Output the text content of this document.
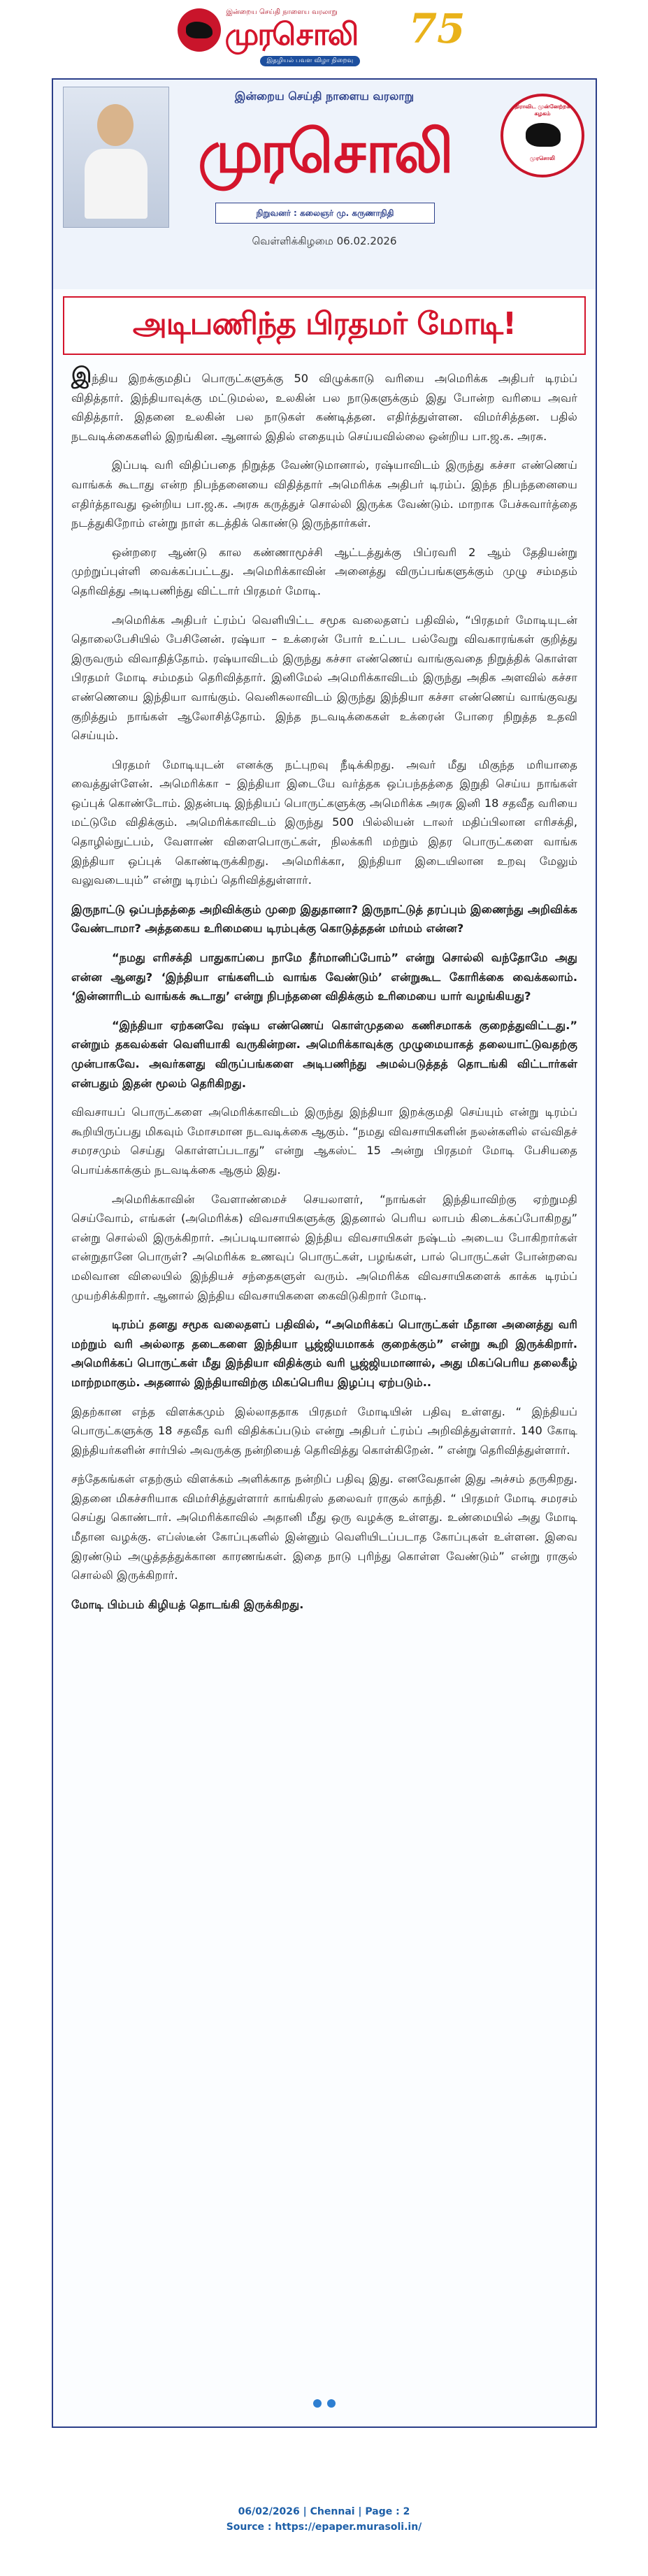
இன்றைய செய்தி நாளைய வரலாறு
முரசொலி 75
இதழியல் பவள விழா நிறைவு
இன்றைய செய்தி நாளைய வரலாறு
முரசொலி
நிறுவனர் : கலைஞர் மு. கருணாநிதி
திராவிட முன்னேற்றக் கழகம்
முரசொலி
வெள்ளிக்கிழமை 06.02.2026
அடிபணிந்த பிரதமர் மோடி!

இந்திய இறக்குமதிப் பொருட்களுக்கு 50 விழுக்காடு வரியை அமெரிக்க அதிபர் டிரம்ப் விதித்தார். இந்தியாவுக்கு மட்டுமல்ல, உலகின் பல நாடுகளுக்கும் இது போன்ற வரியை அவர் விதித்தார். இதனை உலகின் பல நாடுகள் கண்டித்தன. எதிர்த்துள்ளன. விமர்சித்தன. பதில் நடவடிக்கைகளில் இறங்கின. ஆனால் இதில் எதையும் செய்யவில்லை ஒன்றிய பா.ஜ.க. அரசு.

இப்படி வரி விதிப்பதை நிறுத்த வேண்டுமானால், ரஷ்யாவிடம் இருந்து கச்சா எண்ணெய் வாங்கக் கூடாது என்ற நிபந்தனையை விதித்தார் அமெரிக்க அதிபர் டிரம்ப். இந்த நிபந்தனையை எதிர்த்தாவது ஒன்றிய பா.ஜ.க. அரசு கருத்துச் சொல்லி இருக்க வேண்டும். மாறாக பேச்சுவார்த்தை நடத்துகிறோம் என்று நாள் கடத்திக் கொண்டு இருந்தார்கள்.

ஒன்றரை ஆண்டு கால கண்ணாமூச்சி ஆட்டத்துக்கு பிப்ரவரி 2 ஆம் தேதியன்று முற்றுப்புள்ளி வைக்கப்பட்டது. அமெரிக்காவின் அனைத்து விருப்பங்களுக்கும் முழு சம்மதம் தெரிவித்து அடிபணிந்து விட்டார் பிரதமர் மோடி.

அமெரிக்க அதிபர் ட்ரம்ப் வெளியிட்ட சமூக வலைதளப் பதிவில், “பிரதமர் மோடியுடன் தொலைபேசியில் பேசினேன். ரஷ்யா – உக்ரைன் போர் உட்பட பல்வேறு விவகாரங்கள் குறித்து இருவரும் விவாதித்தோம். ரஷ்யாவிடம் இருந்து கச்சா எண்ணெய் வாங்குவதை நிறுத்திக் கொள்ள பிரதமர் மோடி சம்மதம் தெரிவித்தார். இனிமேல் அமெரிக்காவிடம் இருந்து அதிக அளவில் கச்சா எண்ணெயை இந்தியா வாங்கும். வெனிசுலாவிடம் இருந்து இந்தியா கச்சா எண்ணெய் வாங்குவது குறித்தும் நாங்கள் ஆலோசித்தோம். இந்த நடவடிக்கைகள் உக்ரைன் போரை நிறுத்த உதவி செய்யும்.

பிரதமர் மோடியுடன் எனக்கு நட்புறவு நீடிக்கிறது. அவர் மீது மிகுந்த மரியாதை வைத்துள்ளேன். அமெரிக்கா – இந்தியா இடையே வர்த்தக ஒப்பந்தத்தை இறுதி செய்ய நாங்கள் ஒப்புக் கொண்டோம். இதன்படி இந்தியப் பொருட்களுக்கு அமெரிக்க அரசு இனி 18 சதவீத வரியை மட்டுமே விதிக்கும். அமெரிக்காவிடம் இருந்து 500 பில்லியன் டாலர் மதிப்பிலான எரிசக்தி, தொழில்நுட்பம், வேளாண் விளைபொருட்கள், நிலக்கரி மற்றும் இதர பொருட்களை வாங்க இந்தியா ஒப்புக் கொண்டிருக்கிறது. அமெரிக்கா, இந்தியா இடையிலான உறவு மேலும் வலுவடையும்” என்று டிரம்ப் தெரிவித்துள்ளார்.

இருநாட்டு ஒப்பந்தத்தை அறிவிக்கும் முறை இதுதானா? இருநாட்டுத் தரப்பும் இணைந்து அறிவிக்க வேண்டாமா? அத்தகைய உரிமையை டிரம்புக்கு கொடுத்ததன் மர்மம் என்ன?

“நமது எரிசக்தி பாதுகாப்பை நாமே தீர்மானிப்போம்” என்று சொல்லி வந்தோமே அது என்ன ஆனது? ‘இந்தியா எங்களிடம் வாங்க வேண்டும்’ என்றுகூட கோரிக்கை வைக்கலாம். ‘இன்னாரிடம் வாங்கக் கூடாது’ என்று நிபந்தனை விதிக்கும் உரிமையை யார் வழங்கியது?

“இந்தியா ஏற்கனவே ரஷ்ய எண்ணெய் கொள்முதலை கணிசமாகக் குறைத்துவிட்டது.” என்றும் தகவல்கள் வெளியாகி வருகின்றன. அமெரிக்காவுக்கு முழுமையாகத் தலையாட்டுவதற்கு முன்பாகவே. அவர்களது விருப்பங்களை அடிபணிந்து அமல்படுத்தத் தொடங்கி விட்டார்கள் என்பதும் இதன் மூலம் தெரிகிறது.

விவசாயப் பொருட்களை அமெரிக்காவிடம் இருந்து இந்தியா இறக்குமதி செய்யும் என்று டிரம்ப் கூறியிருப்பது மிகவும் மோசமான நடவடிக்கை ஆகும். “நமது விவசாயிகளின் நலன்களில் எவ்விதச் சமரசமும் செய்து கொள்ளப்படாது” என்று ஆகஸ்ட் 15 அன்று பிரதமர் மோடி பேசியதை பொய்க்காக்கும் நடவடிக்கை ஆகும் இது.

அமெரிக்காவின் வேளாண்மைச் செயலாளர், “நாங்கள் இந்தியாவிற்கு ஏற்றுமதி செய்வோம், எங்கள் (அமெரிக்க) விவசாயிகளுக்கு இதனால் பெரிய லாபம் கிடைக்கப்போகிறது” என்று சொல்லி இருக்கிறார். அப்படியானால் இந்திய விவசாயிகள் நஷ்டம் அடைய போகிறார்கள் என்றுதானே பொருள்? அமெரிக்க உணவுப் பொருட்கள், பழங்கள், பால் பொருட்கள் போன்றவை மலிவான விலையில் இந்தியச் சந்தைகளுள் வரும். அமெரிக்க விவசாயிகளைக் காக்க டிரம்ப் முயற்சிக்கிறார். ஆனால் இந்திய விவசாயிகளை கைவிடுகிறார் மோடி.

டிரம்ப் தனது சமூக வலைதளப் பதிவில், “அமெரிக்கப் பொருட்கள் மீதான அனைத்து வரி மற்றும் வரி அல்லாத தடைகளை இந்தியா பூஜ்ஜியமாகக் குறைக்கும்” என்று கூறி இருக்கிறார். அமெரிக்கப் பொருட்கள் மீது இந்தியா விதிக்கும் வரி பூஜ்ஜியமானால், அது மிகப்பெரிய தலைகீழ் மாற்றமாகும். அதனால் இந்தியாவிற்கு மிகப்பெரிய இழப்பு ஏற்படும்..

இதற்கான எந்த விளக்கமும் இல்லாததாக பிரதமர் மோடியின் பதிவு உள்ளது. “ இந்தியப் பொருட்களுக்கு 18 சதவீத வரி விதிக்கப்படும் என்று அதிபர் ட்ரம்ப் அறிவித்துள்ளார். 140 கோடி இந்தியர்களின் சார்பில் அவருக்கு நன்றியைத் தெரிவித்து கொள்கிறேன். ” என்று தெரிவித்துள்ளார்.

சந்தேகங்கள் எதற்கும் விளக்கம் அளிக்காத நன்றிப் பதிவு இது. எனவேதான் இது அச்சம் தருகிறது. இதனை மிகச்சரியாக விமர்சித்துள்ளார் காங்கிரஸ் தலைவர் ராகுல் காந்தி. “ பிரதமர் மோடி சமரசம் செய்து கொண்டார். அமெரிக்காவில் அதானி மீது ஒரு வழக்கு உள்ளது. உண்மையில் அது மோடி மீதான வழக்கு. எப்ஸ்டீன் கோப்புகளில் இன்னும் வெளியிடப்படாத கோப்புகள் உள்ளன. இவை இரண்டும் அழுத்தத்துக்கான காரணங்கள். இதை நாடு புரிந்து கொள்ள வேண்டும்” என்று ராகுல் சொல்லி இருக்கிறார்.

மோடி பிம்பம் கிழியத் தொடங்கி இருக்கிறது.

06/02/2026 | Chennai | Page : 2
Source : https://epaper.murasoli.in/
